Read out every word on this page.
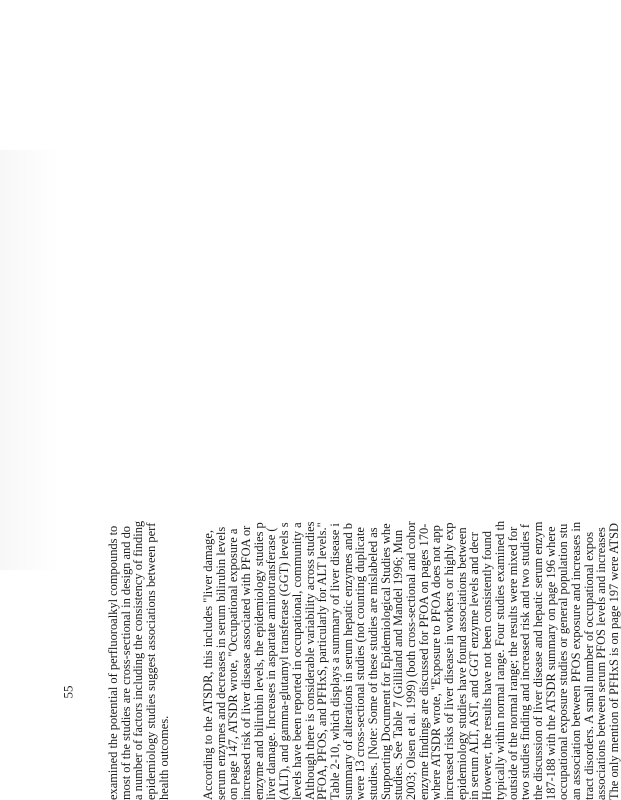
examined the potential of perfluoroalkyl compounds to
most of the studies are cross-sectional in design and do
a number of factors including the consistency of finding
epidemiology studies suggest associations between perf
health outcomes. According to the ATSDR, this includes "liver damage,
serum enzymes and decreases in serum bilirubin levels
on page 147, ATSDR wrote, "Occupational exposure a
increased risk of liver disease associated with PFOA or
enzyme and bilirubin levels, the epidemiology studies p
liver damage. Increases in aspartate aminotransferase (
(ALT), and gamma-glutamyl transferase (GGT) levels s
levels have been reported in occupational, community a
Although there is considerable variability across studies
PFOA, PFOS, and PFHxS, particularly for ALT levels."
Table 2-10, which displays a summary of liver disease i
summary of alterations in serum hepatic enzymes and b
were 13 cross-sectional studies (not counting duplicate
studies. [Note: Some of these studies are mislabeled as
Supporting Document for Epidemiological Studies whe
studies. See Table 7 (Gilliland and Mandel 1996; Mun
2003; Olsen et al. 1999) (both cross-sectional and cohor
enzyme findings are discussed for PFOA on pages 170-
where ATSDR wrote, "Exposure to PFOA does not app
increased risks of liver disease in workers or highly exp
epidemiology studies have found associations between
in serum ALT, AST, and GGT enzyme levels and decr
However, the results have not been consistently found
typically within normal range. Four studies examined th
outside of the normal range; the results were mixed for
two studies finding and increased risk and two studies f
the discussion of liver disease and hepatic serum enzym
187-188 with the ATSDR summary on page 196 where
occupational exposure studies or general population stu
an association between PFOS exposure and increases in
tract disorders. A small number of occupational expos
associations between serum PFOS levels and increases
The only mention of PFHxS is on page 197 were ATSD
55
